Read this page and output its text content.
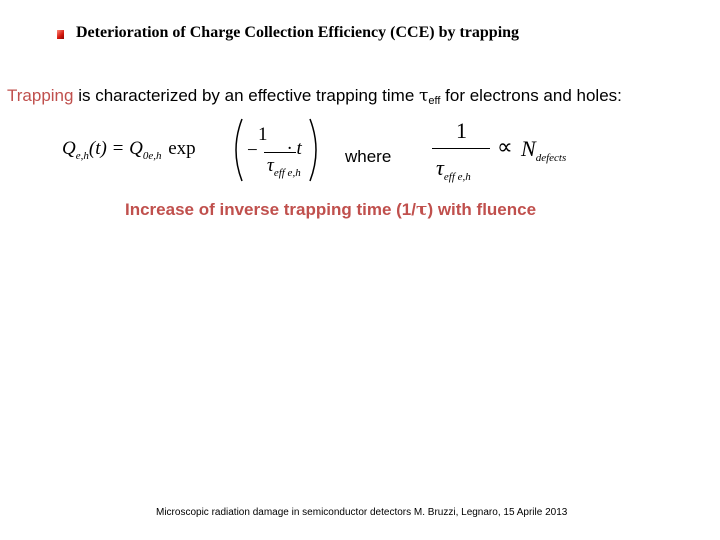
Deterioration of Charge Collection Efficiency (CCE) by trapping
Trapping is characterized by an effective trapping time $\tau_{eff}$ for electrons and holes:
$Q_{e,h}(t) = Q_{0e,h}$ exp	−
1
$\tau_{eff e,h}$
· t	where
1
$\tau_{eff e,h}$
∝ $N_{defects}$
Increase of inverse trapping time (1/τ) with fluence
Microscopic radiation damage in semiconductor detectors M. Bruzzi, Legnaro, 15 Aprile 2013
